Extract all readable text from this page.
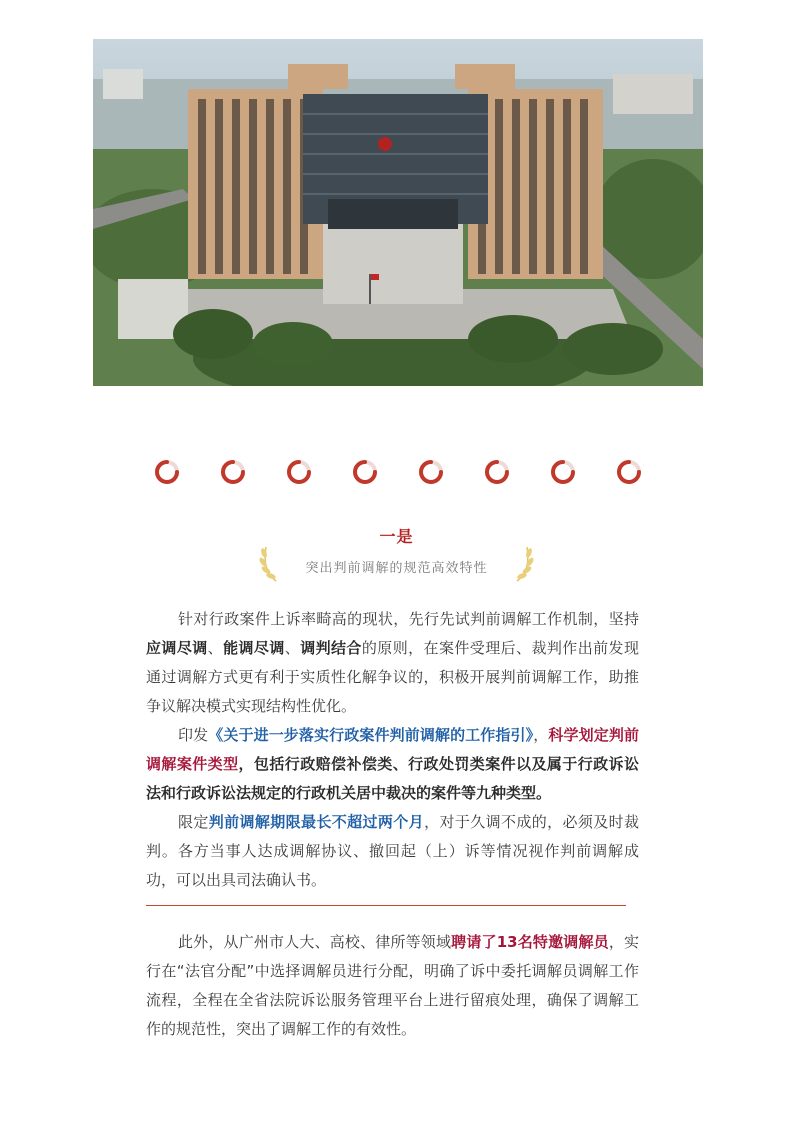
一是
突出判前调解的规范高效特性

针对行政案件上诉率畸高的现状，先行先试判前调解工作机制，坚持应调尽调、能调尽调、调判结合的原则，在案件受理后、裁判作出前发现通过调解方式更有利于实质性化解争议的，积极开展判前调解工作，助推争议解决模式实现结构性优化。

印发《关于进一步落实行政案件判前调解的工作指引》，科学划定判前调解案件类型，包括行政赔偿补偿类、行政处罚类案件以及属于行政诉讼法和行政诉讼法规定的行政机关居中裁决的案件等九种类型。

限定判前调解期限最长不超过两个月，对于久调不成的，必须及时裁判。各方当事人达成调解协议、撤回起（上）诉等情况视作判前调解成功，可以出具司法确认书。

此外，从广州市人大、高校、律所等领域聘请了13名特邀调解员，实行在“法官分配”中选择调解员进行分配，明确了诉中委托调解员调解工作流程，全程在全省法院诉讼服务管理平台上进行留痕处理，确保了调解工作的规范性，突出了调解工作的有效性。
